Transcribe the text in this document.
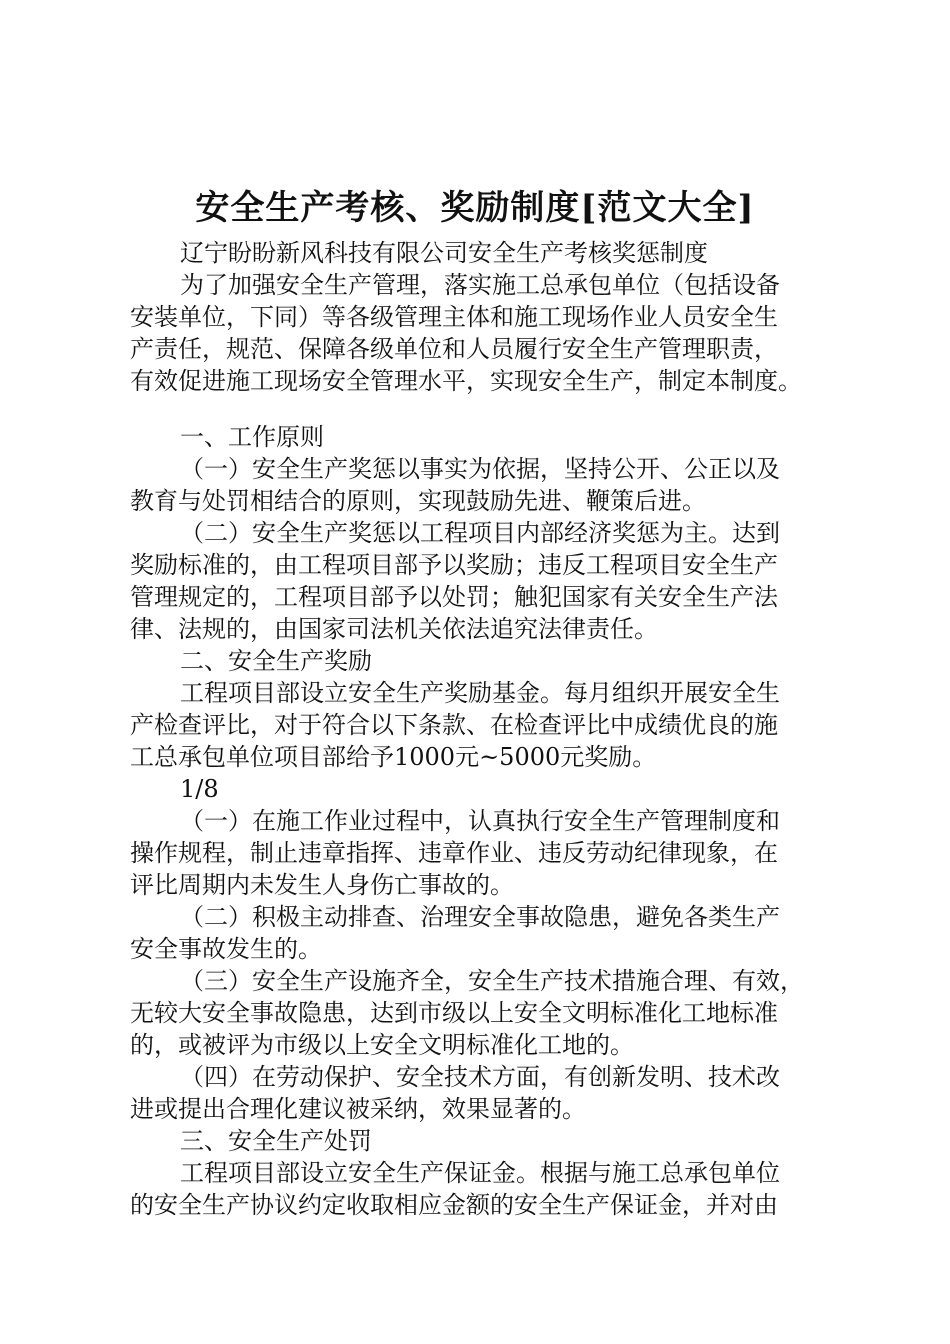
安全生产考核、奖励制度[范文大全]
辽宁盼盼新风科技有限公司安全生产考核奖惩制度
为了加强安全生产管理，落实施工总承包单位（包括设备
安装单位，下同）等各级管理主体和施工现场作业人员安全生
产责任，规范、保障各级单位和人员履行安全生产管理职责，
有效促进施工现场安全管理水平，实现安全生产，制定本制度。
一、工作原则
（一）安全生产奖惩以事实为依据，坚持公开、公正以及
教育与处罚相结合的原则，实现鼓励先进、鞭策后进。
（二）安全生产奖惩以工程项目内部经济奖惩为主。达到
奖励标准的，由工程项目部予以奖励；违反工程项目安全生产
管理规定的，工程项目部予以处罚；触犯国家有关安全生产法
律、法规的，由国家司法机关依法追究法律责任。
二、安全生产奖励
工程项目部设立安全生产奖励基金。每月组织开展安全生
产检查评比，对于符合以下条款、在检查评比中成绩优良的施
工总承包单位项目部给予1000元~5000元奖励。
1/8
（一）在施工作业过程中，认真执行安全生产管理制度和
操作规程，制止违章指挥、违章作业、违反劳动纪律现象，在
评比周期内未发生人身伤亡事故的。
（二）积极主动排查、治理安全事故隐患，避免各类生产
安全事故发生的。
（三）安全生产设施齐全，安全生产技术措施合理、有效，
无较大安全事故隐患，达到市级以上安全文明标准化工地标准
的，或被评为市级以上安全文明标准化工地的。
（四）在劳动保护、安全技术方面，有创新发明、技术改
进或提出合理化建议被采纳，效果显著的。
三、安全生产处罚
工程项目部设立安全生产保证金。根据与施工总承包单位
的安全生产协议约定收取相应金额的安全生产保证金，并对由
